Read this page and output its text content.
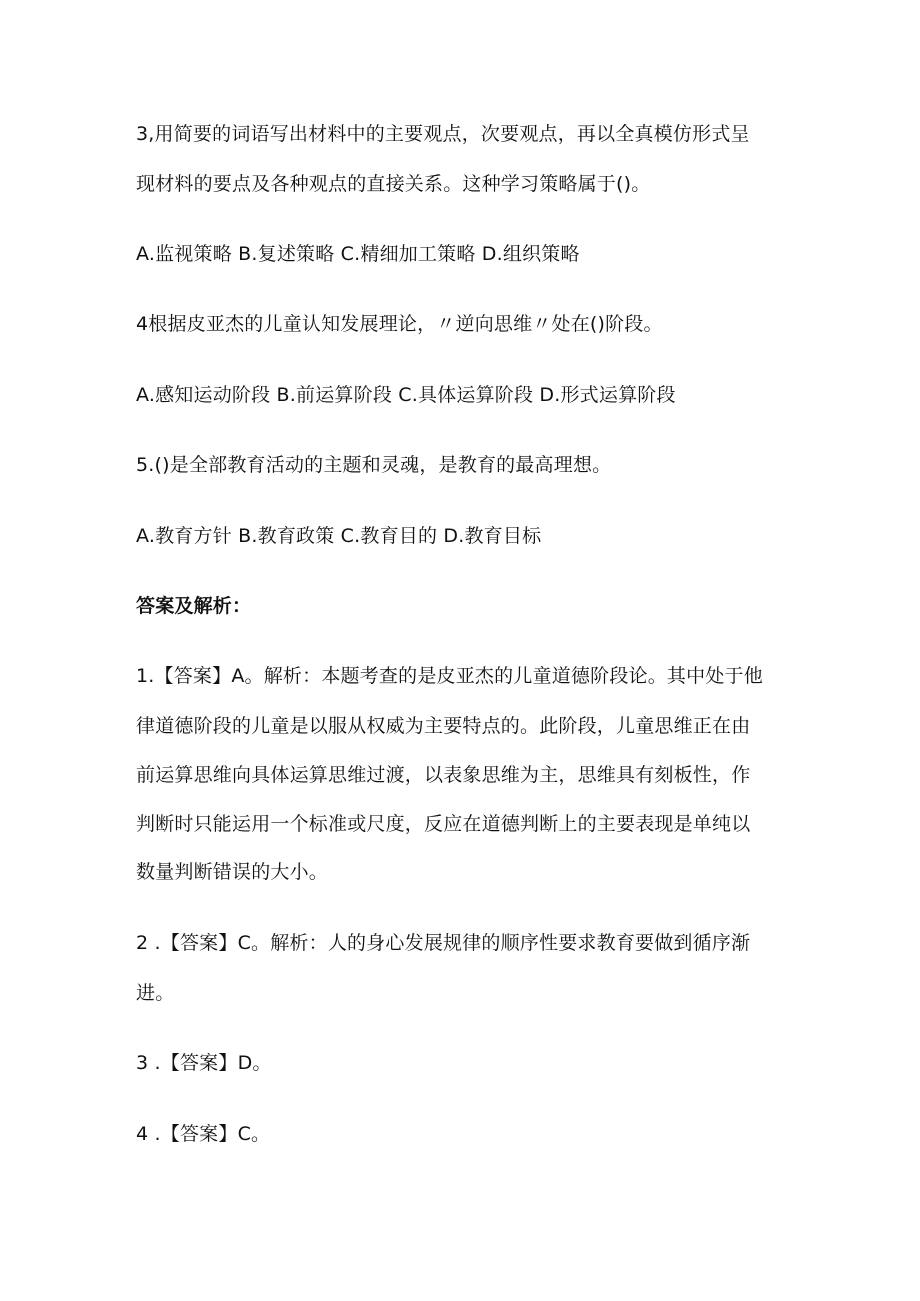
3,用简要的词语写出材料中的主要观点，次要观点，再以全真模仿形式呈
现材料的要点及各种观点的直接关系。这种学习策略属于()。
A.监视策略 B.复述策略 C.精细加工策略 D.组织策略
4根据皮亚杰的儿童认知发展理论，〃逆向思维〃处在()阶段。
A.感知运动阶段 B.前运算阶段 C.具体运算阶段 D.形式运算阶段
5.()是全部教育活动的主题和灵魂，是教育的最高理想。
A.教育方针 B.教育政策 C.教育目的 D.教育目标
答案及解析：
1.【答案】A。解析：本题考查的是皮亚杰的儿童道德阶段论。其中处于他
律道德阶段的儿童是以服从权威为主要特点的。此阶段，儿童思维正在由
前运算思维向具体运算思维过渡，以表象思维为主，思维具有刻板性，作
判断时只能运用一个标准或尺度，反应在道德判断上的主要表现是单纯以
数量判断错误的大小。
2 .【答案】C。解析：人的身心发展规律的顺序性要求教育要做到循序渐
进。
3 .【答案】D。
4 .【答案】C。
